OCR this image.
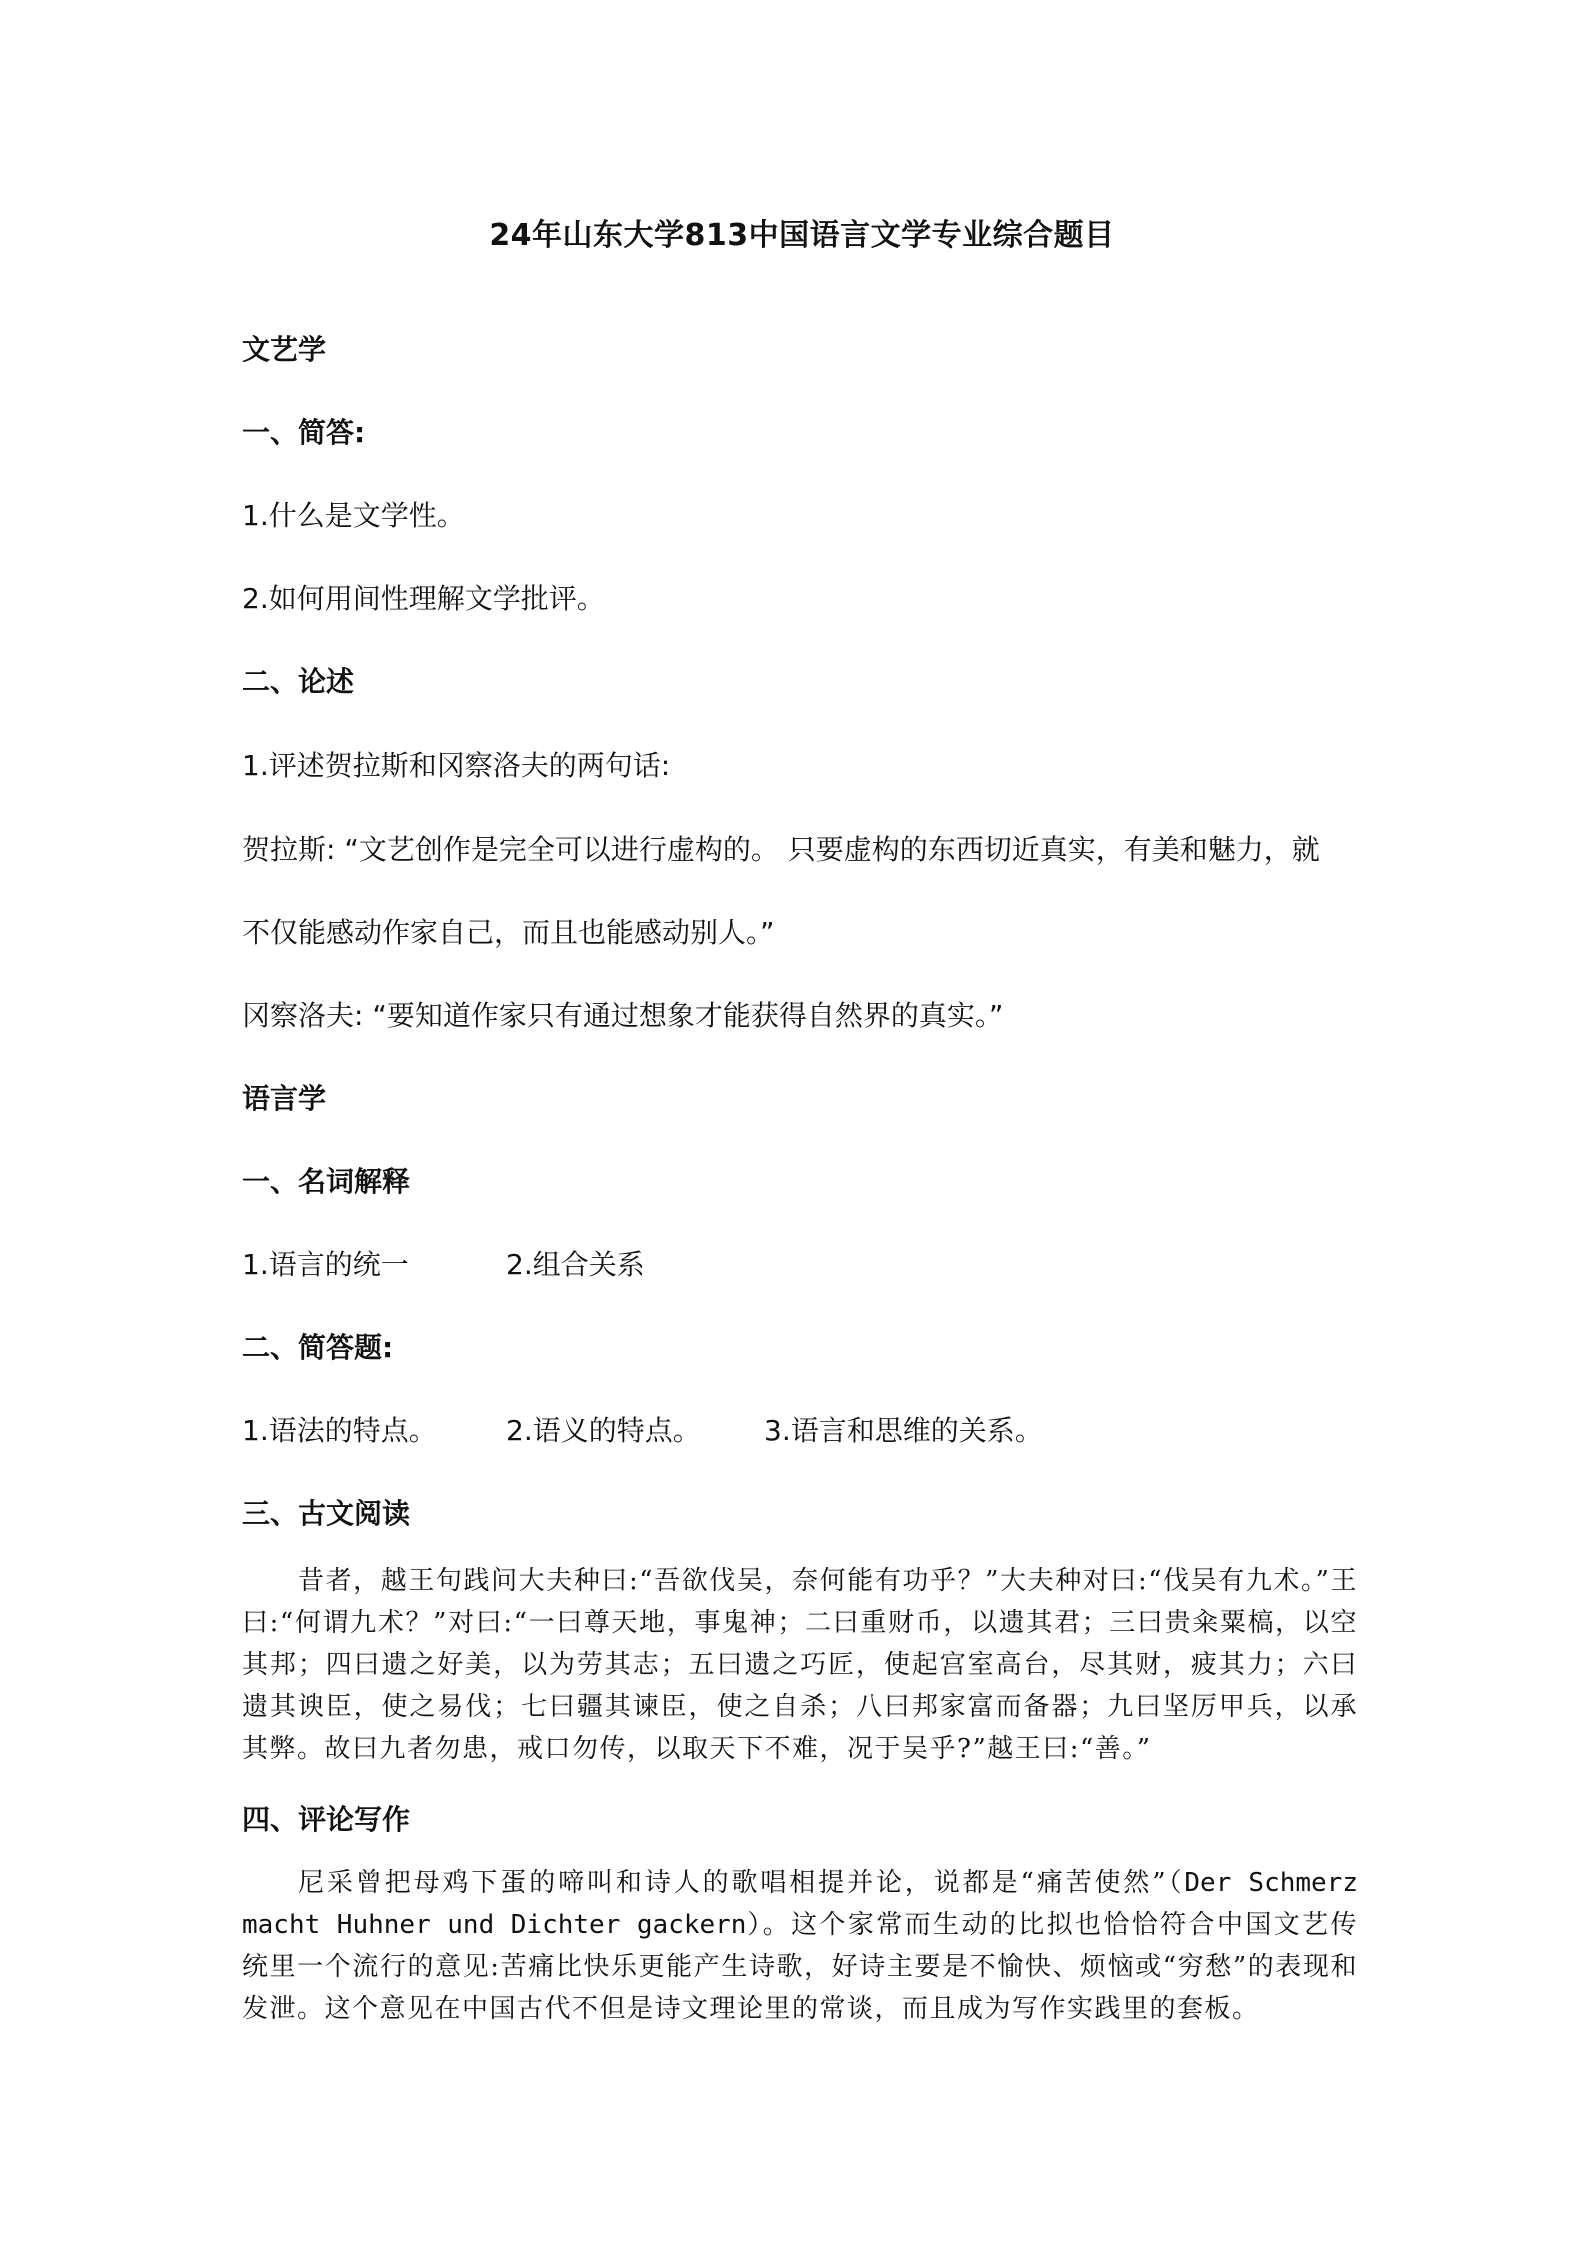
24年山东大学813中国语言文学专业综合题目

文艺学

一、简答:

1.什么是文学性。

2.如何用间性理解文学批评。

二、论述

1.评述贺拉斯和冈察洛夫的两句话:

贺拉斯: “文艺创作是完全可以进行虚构的。 只要虚构的东西切近真实，有美和魅力，就

不仅能感动作家自己，而且也能感动别人。”

冈察洛夫: “要知道作家只有通过想象才能获得自然界的真实。”

语言学

一、名词解释

1.语言的统一	2.组合关系

二、简答题:

1.语法的特点。 2.语义的特点。 3.语言和思维的关系。

三、古文阅读

昔者，越王句践问大夫种曰:“吾欲伐吴，奈何能有功乎？”大夫种对曰:“伐吴有九术。”王曰:“何谓九术？”对曰:“一曰尊天地，事鬼神；二曰重财币，以遗其君；三曰贵籴粟槁，以空其邦；四曰遗之好美，以为劳其志；五曰遗之巧匠，使起宫室高台，尽其财，疲其力；六曰遗其谀臣，使之易伐；七曰疆其谏臣，使之自杀；八曰邦家富而备器；九曰坚厉甲兵，以承其弊。故曰九者勿患，戒口勿传，以取天下不难，况于吴乎?”越王曰:“善。”

四、评论写作

尼采曾把母鸡下蛋的啼叫和诗人的歌唱相提并论，说都是“痛苦使然”（Der Schmerz macht Huhner und Dichter gackern）。这个家常而生动的比拟也恰恰符合中国文艺传统里一个流行的意见:苦痛比快乐更能产生诗歌，好诗主要是不愉快、烦恼或“穷愁”的表现和发泄。这个意见在中国古代不但是诗文理论里的常谈，而且成为写作实践里的套板。
